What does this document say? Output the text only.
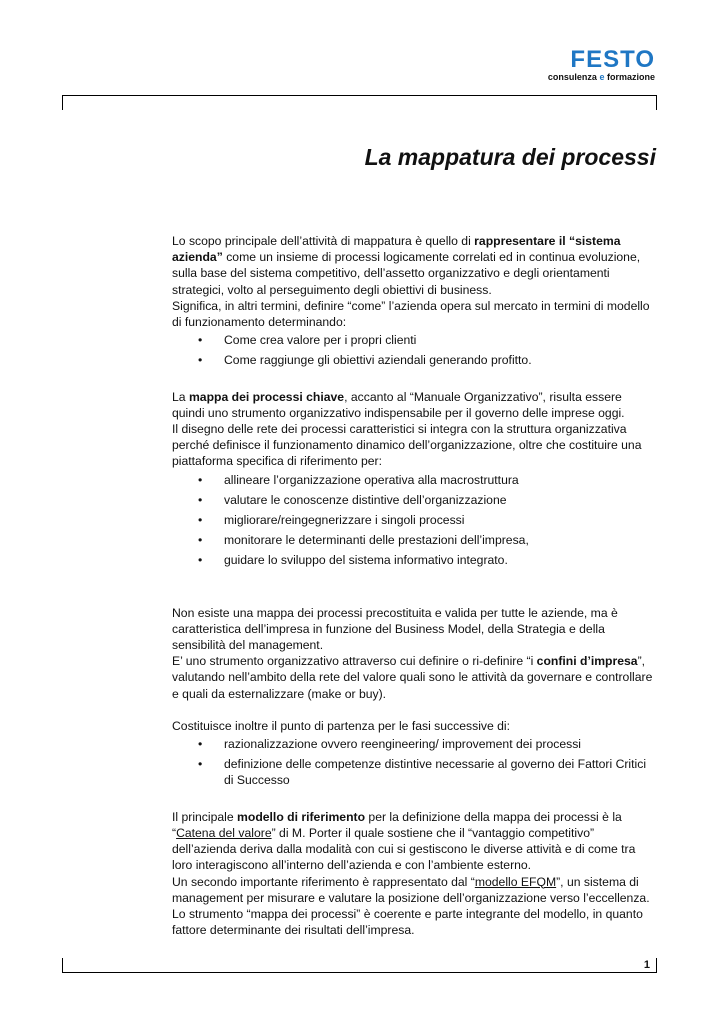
FESTO
consulenza e formazione
La mappatura dei processi

Lo scopo principale dell’attività di mappatura è quello di rappresentare il “sistema azienda” come un insieme di processi logicamente correlati ed in continua evoluzione, sulla base del sistema competitivo, dell’assetto organizzativo e degli orientamenti strategici, volto al perseguimento degli obiettivi di business.

Significa, in altri termini, definire “come” l’azienda opera sul mercato in termini di modello di funzionamento determinando:

• Come crea valore per i propri clienti
• Come raggiunge gli obiettivi aziendali generando profitto.

La mappa dei processi chiave, accanto al “Manuale Organizzativo”, risulta essere quindi uno strumento organizzativo indispensabile per il governo delle imprese oggi.

Il disegno delle rete dei processi caratteristici si integra con la struttura organizzativa perché definisce il funzionamento dinamico dell’organizzazione, oltre che costituire una piattaforma specifica di riferimento per:

• allineare l’organizzazione operativa alla macrostruttura
• valutare le conoscenze distintive dell’organizzazione
• migliorare/reingegnerizzare i singoli processi
• monitorare le determinanti delle prestazioni dell’impresa,
• guidare lo sviluppo del sistema informativo integrato.

Non esiste una mappa dei processi precostituita e valida per tutte le aziende, ma è caratteristica dell’impresa in funzione del Business Model, della Strategia e della sensibilità del management.

E’ uno strumento organizzativo attraverso cui definire o ri-definire “i confini d’impresa”, valutando nell’ambito della rete del valore quali sono le attività da governare e controllare e quali da esternalizzare (make or buy).

Costituisce inoltre il punto di partenza per le fasi successive di:

• razionalizzazione ovvero reengineering/ improvement dei processi
• definizione delle competenze distintive necessarie al governo dei Fattori Critici di Successo

Il principale modello di riferimento per la definizione della mappa dei processi è la “Catena del valore” di M. Porter il quale sostiene che il “vantaggio competitivo” dell’azienda deriva dalla modalità con cui si gestiscono le diverse attività e di come tra loro interagiscono all’interno dell’azienda e con l’ambiente esterno.

Un secondo importante riferimento è rappresentato dal “modello EFQM”, un sistema di management per misurare e valutare la posizione dell’organizzazione verso l’eccellenza.

Lo strumento “mappa dei processi” è coerente e parte integrante del modello, in quanto fattore determinante dei risultati dell’impresa.

1
